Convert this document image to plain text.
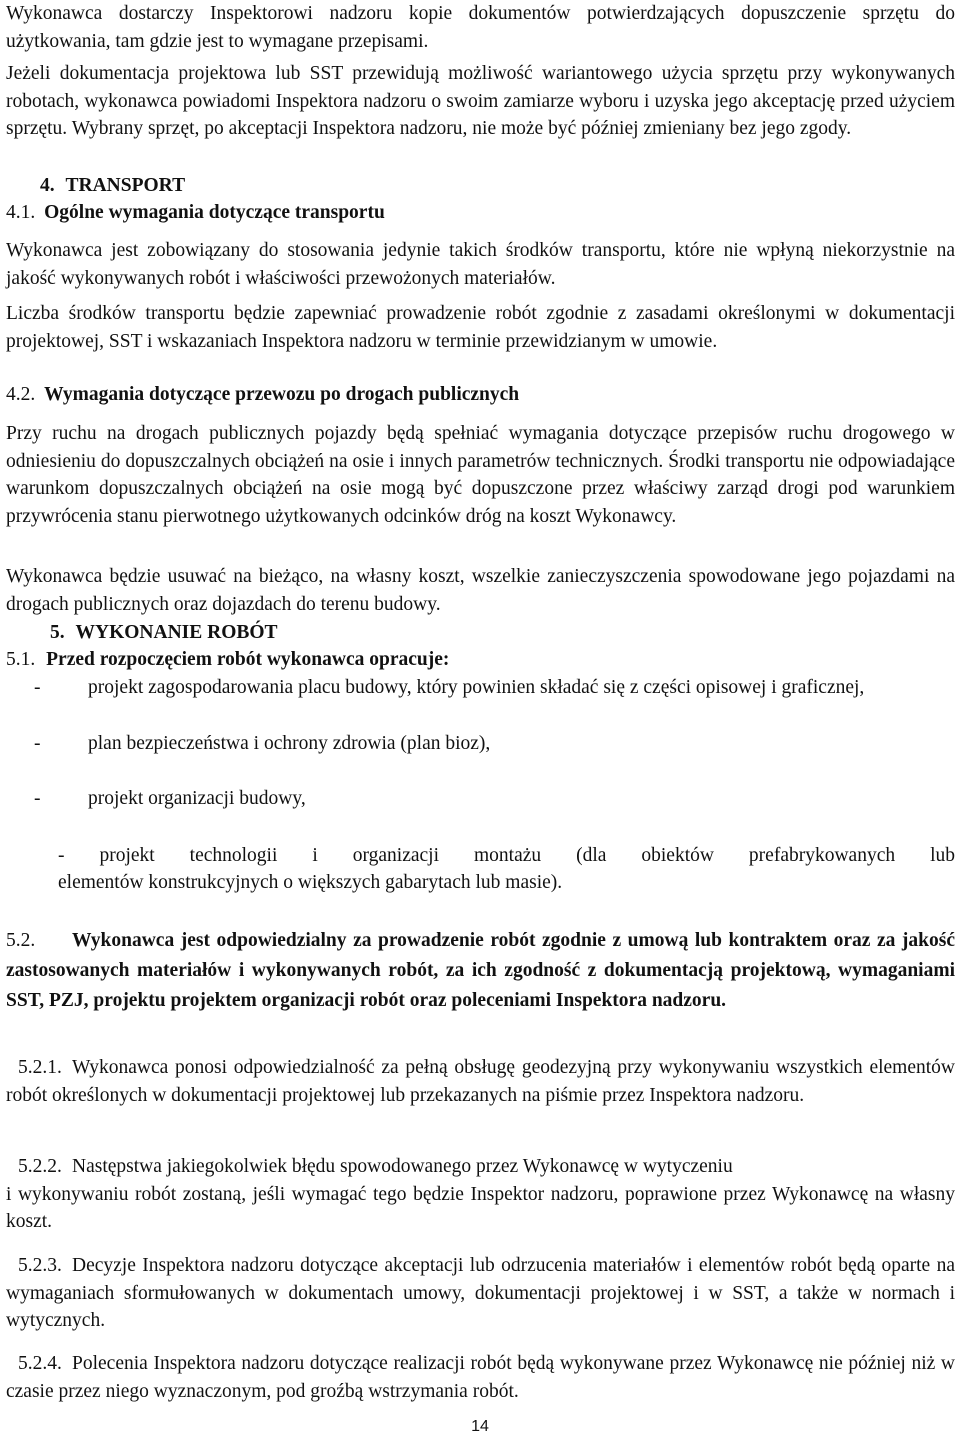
Wykonawca dostarczy Inspektorowi nadzoru kopie dokumentów potwierdzających dopuszczenie sprzętu do użytkowania, tam gdzie jest to wymagane przepisami.

Jeżeli dokumentacja projektowa lub SST przewidują możliwość wariantowego użycia sprzętu przy wykonywanych robotach, wykonawca powiadomi Inspektora nadzoru o swoim zamiarze wyboru i uzyska jego akceptację przed użyciem sprzętu. Wybrany sprzęt, po akceptacji Inspektora nadzoru, nie może być później zmieniany bez jego zgody.

4. TRANSPORT
4.1. Ogólne wymagania dotyczące transportu

Wykonawca jest zobowiązany do stosowania jedynie takich środków transportu, które nie wpłyną niekorzystnie na jakość wykonywanych robót i właściwości przewożonych materiałów.

Liczba środków transportu będzie zapewniać prowadzenie robót zgodnie z zasadami określonymi w dokumentacji projektowej, SST i wskazaniach Inspektora nadzoru w terminie przewidzianym w umowie.

4.2. Wymagania dotyczące przewozu po drogach publicznych

Przy ruchu na drogach publicznych pojazdy będą spełniać wymagania dotyczące przepisów ruchu drogowego w odniesieniu do dopuszczalnych obciążeń na osie i innych parametrów technicznych. Środki transportu nie odpowiadające warunkom dopuszczalnych obciążeń na osie mogą być dopuszczone przez właściwy zarząd drogi pod warunkiem przywrócenia stanu pierwotnego użytkowanych odcinków dróg na koszt Wykonawcy.

Wykonawca będzie usuwać na bieżąco, na własny koszt, wszelkie zanieczyszczenia spowodowane jego pojazdami na drogach publicznych oraz dojazdach do terenu budowy.

5. WYKONANIE ROBÓT
5.1. Przed rozpoczęciem robót wykonawca opracuje:
-	projekt zagospodarowania placu budowy, który powinien składać się z części opisowej i graficznej,
-	plan bezpieczeństwa i ochrony zdrowia (plan bioz),
-	projekt organizacji budowy,

- projekt technologii i organizacji montażu (dla obiektów prefabrykowanych lub

elementów konstrukcyjnych o większych gabarytach lub masie).

5.2. Wykonawca jest odpowiedzialny za prowadzenie robót zgodnie z umową lub kontraktem oraz za jakość zastosowanych materiałów i wykonywanych robót, za ich zgodność z dokumentacją projektową, wymaganiami SST, PZJ, projektu projektem organizacji robót oraz poleceniami Inspektora nadzoru.
5.2.1. Wykonawca ponosi odpowiedzialność za pełną obsługę geodezyjną przy wykonywaniu wszystkich elementów robót określonych w dokumentacji projektowej lub przekazanych na piśmie przez Inspektora nadzoru.
5.2.2. Następstwa jakiegokolwiek błędu spowodowanego przez Wykonawcę w wytyczeniu
i wykonywaniu robót zostaną, jeśli wymagać tego będzie Inspektor nadzoru, poprawione przez Wykonawcę na własny koszt.
5.2.3. Decyzje Inspektora nadzoru dotyczące akceptacji lub odrzucenia materiałów i elementów robót będą oparte na wymaganiach sformułowanych w dokumentach umowy, dokumentacji projektowej i w SST, a także w normach i wytycznych.
5.2.4. Polecenia Inspektora nadzoru dotyczące realizacji robót będą wykonywane przez Wykonawcę nie później niż w czasie przez niego wyznaczonym, pod groźbą wstrzymania robót.
14
